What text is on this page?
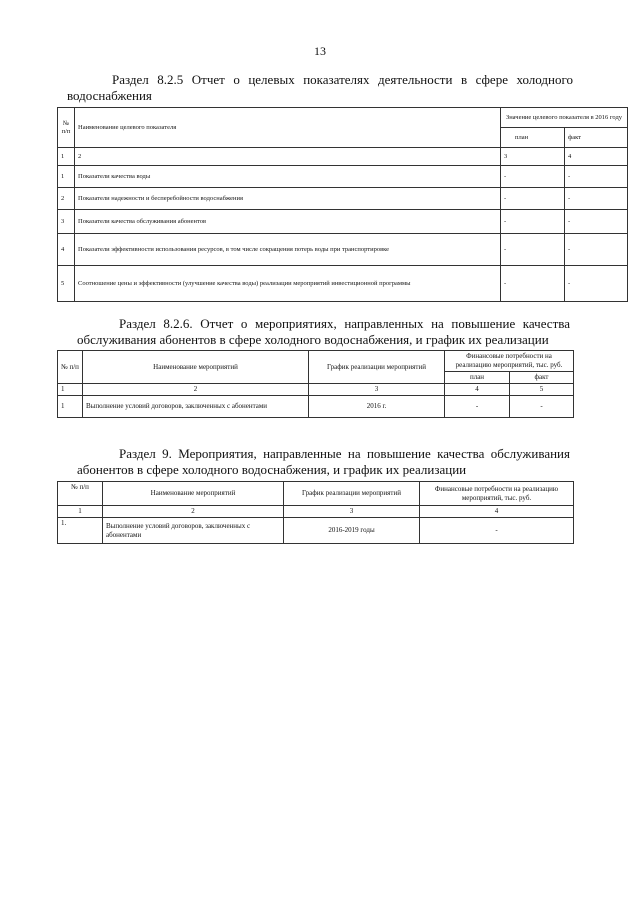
13
Раздел 8.2.5 Отчет о целевых показателях деятельности в сфере холодного водоснабжения
№ п/п	Наименование целевого показателя	Значение целевого показателя в 2016 году	
		план	факт
1	2	3	4
1	Показатели качества воды	-	-
2	Показатели надежности и бесперебойности водоснабжения	-	-
3	Показатели качества обслуживания абонентов	-	-
4	Показатели эффективности использования ресурсов, в том числе сокращения потерь воды при транспортировке	-	-
5	Соотношение цены и эффективности (улучшение качества воды) реализации мероприятий инвестиционной программы	-	-
Раздел 8.2.6. Отчет о мероприятиях, направленных на повышение качества обслуживания абонентов в сфере холодного водоснабжения, и график их реализации
№ п/п	Наименование мероприятий	График реализации мероприятий	Финансовые потребности на реализацию мероприятий, тыс. руб.	
			план	факт
1	2	3	4	5
1	Выполнение условий договоров, заключенных с абонентами	2016 г.	-	-
Раздел 9. Мероприятия, направленные на повышение качества обслуживания абонентов в сфере холодного водоснабжения, и график их реализации
№ п/п	Наименование мероприятий	График реализации мероприятий	Финансовые потребности на реализацию мероприятий, тыс. руб.
1	2	3	4
1.	Выполнение условий договоров, заключенных с абонентами	2016-2019 годы	-
